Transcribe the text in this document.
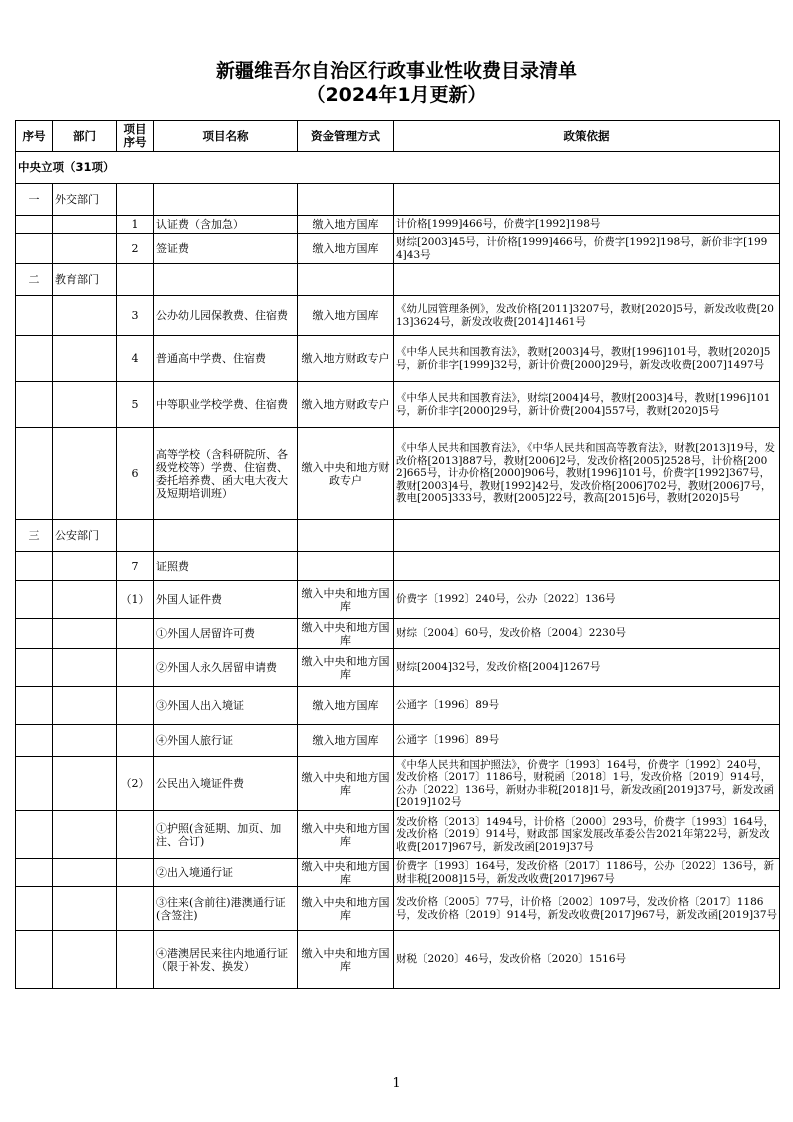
新疆维吾尔自治区行政事业性收费目录清单
（2024年1月更新）
序号	部门	项目序号	项目名称	资金管理方式	政策依据
中央立项（31项）					
一	外交部门				
		1	认证费（含加急）	缴入地方国库	计价格[1999]466号，价费字[1992]198号
		2	签证费	缴入地方国库	财综[2003]45号，计价格[1999]466号，价费字[1992]198号，新价非字[1994]43号
二	教育部门				
		3	公办幼儿园保教费、住宿费	缴入地方国库	《幼儿园管理条例》，发改价格[2011]3207号，教财[2020]5号，新发改收费[2013]3624号，新发改收费[2014]1461号
		4	普通高中学费、住宿费	缴入地方财政专户	《中华人民共和国教育法》，教财[2003]4号，教财[1996]101号，教财[2020]5号，新价非字[1999]32号，新计价费[2000]29号，新发改收费[2007]1497号
		5	中等职业学校学费、住宿费	缴入地方财政专户	《中华人民共和国教育法》，财综[2004]4号，教财[2003]4号，教财[1996]101号，新价非字[2000]29号，新计价费[2004]557号，教财[2020]5号
		6	高等学校（含科研院所、各级党校等）学费、住宿费、委托培养费、函大电大夜大及短期培训班）	缴入中央和地方财政专户	《中华人民共和国教育法》，《中华人民共和国高等教育法》，财教[2013]19号，发改价格[2013]887号，教财[2006]2号，发改价格[2005]2528号，计价格[2002]665号，计办价格[2000]906号，教财[1996]101号，价费字[1992]367号，教财[2003]4号，教财[1992]42号，发改价格[2006]702号，教财[2006]7号，教电[2005]333号，教财[2005]22号，教高[2015]6号，教财[2020]5号
三	公安部门				
		7	证照费		
		（1）	外国人证件费	缴入中央和地方国库	价费字〔1992〕240号，公办〔2022〕136号
			①外国人居留许可费	缴入中央和地方国库	财综〔2004〕60号，发改价格〔2004〕2230号
			②外国人永久居留申请费	缴入中央和地方国库	财综[2004]32号，发改价格[2004]1267号
			③外国人出入境证	缴入地方国库	公通字〔1996〕89号
			④外国人旅行证	缴入地方国库	公通字〔1996〕89号
		（2）	公民出入境证件费	缴入中央和地方国库	《中华人民共和国护照法》，价费字〔1993〕164号，价费字〔1992〕240号，发改价格〔2017〕1186号，财税函〔2018〕1号，发改价格〔2019〕914号，公办〔2022〕136号，新财办非税[2018]1号，新发改函[2019]37号，新发改函[2019]102号
			①护照(含延期、加页、加注、合订)	缴入中央和地方国库	发改价格〔2013〕1494号，计价格〔2000〕293号，价费字〔1993〕164号，发改价格〔2019〕914号，财政部 国家发展改革委公告2021年第22号，新发改收费[2017]967号，新发改函[2019]37号
			②出入境通行证	缴入中央和地方国库	价费字〔1993〕164号，发改价格〔2017〕1186号，公办〔2022〕136号，新财非税[2008]15号，新发改收费[2017]967号
			③往来(含前往)港澳通行证(含签注)	缴入中央和地方国库	发改价格〔2005〕77号，计价格〔2002〕1097号，发改价格〔2017〕1186号，发改价格〔2019〕914号，新发改收费[2017]967号，新发改函[2019]37号
			④港澳居民来往内地通行证（限于补发、换发）	缴入中央和地方国库	财税〔2020〕46号，发改价格〔2020〕1516号
1
